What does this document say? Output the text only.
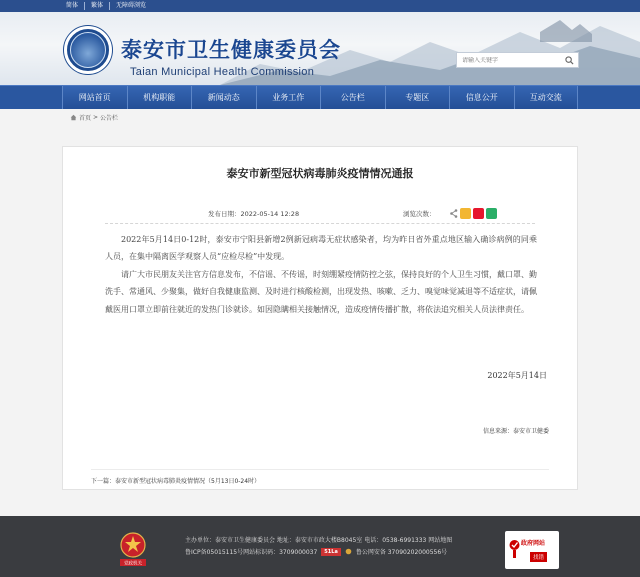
简体	繁体	无障碍浏览
泰安市卫生健康委员会
Taian Municipal Health Commission
请输入关键字
网站首页	机构职能	新闻动态	业务工作	公告栏	专题区	信息公开	互动交流
首页 > 公告栏
泰安市新型冠状病毒肺炎疫情情况通报
发布日期：2022-05-14 12:28	浏览次数：

2022年5月14日0-12时，泰安市宁阳县新增2例新冠病毒无症状感染者，均为昨日省外重点地区输入确诊病例的同乘人员，在集中隔离医学观察人员“应检尽检”中发现。

请广大市民朋友关注官方信息发布，不信谣、不传谣，时刻绷紧疫情防控之弦，保持良好的个人卫生习惯，戴口罩、勤洗手、常通风、少聚集，做好自我健康监测、及时进行核酸检测，出现发热、咳嗽、乏力、嗅觉味觉减退等不适症状，请佩戴医用口罩立即前往就近的发热门诊就诊。如因隐瞒相关接触情况，造成疫情传播扩散，将依法追究相关人员法律责任。

2022年5月14日
信息来源：泰安市卫健委
下一篇：泰安市新型冠状病毒肺炎疫情情况（5月13日0-24时）
党政机关
主办单位：泰安市卫生健康委员会 地址：泰安市市政大楼B8045室 电话：0538-6991333 网站地图
鲁ICP备05015115号网站标识码：3709000037	51La	鲁公网安备 37090202000556号
政府网站
找错
